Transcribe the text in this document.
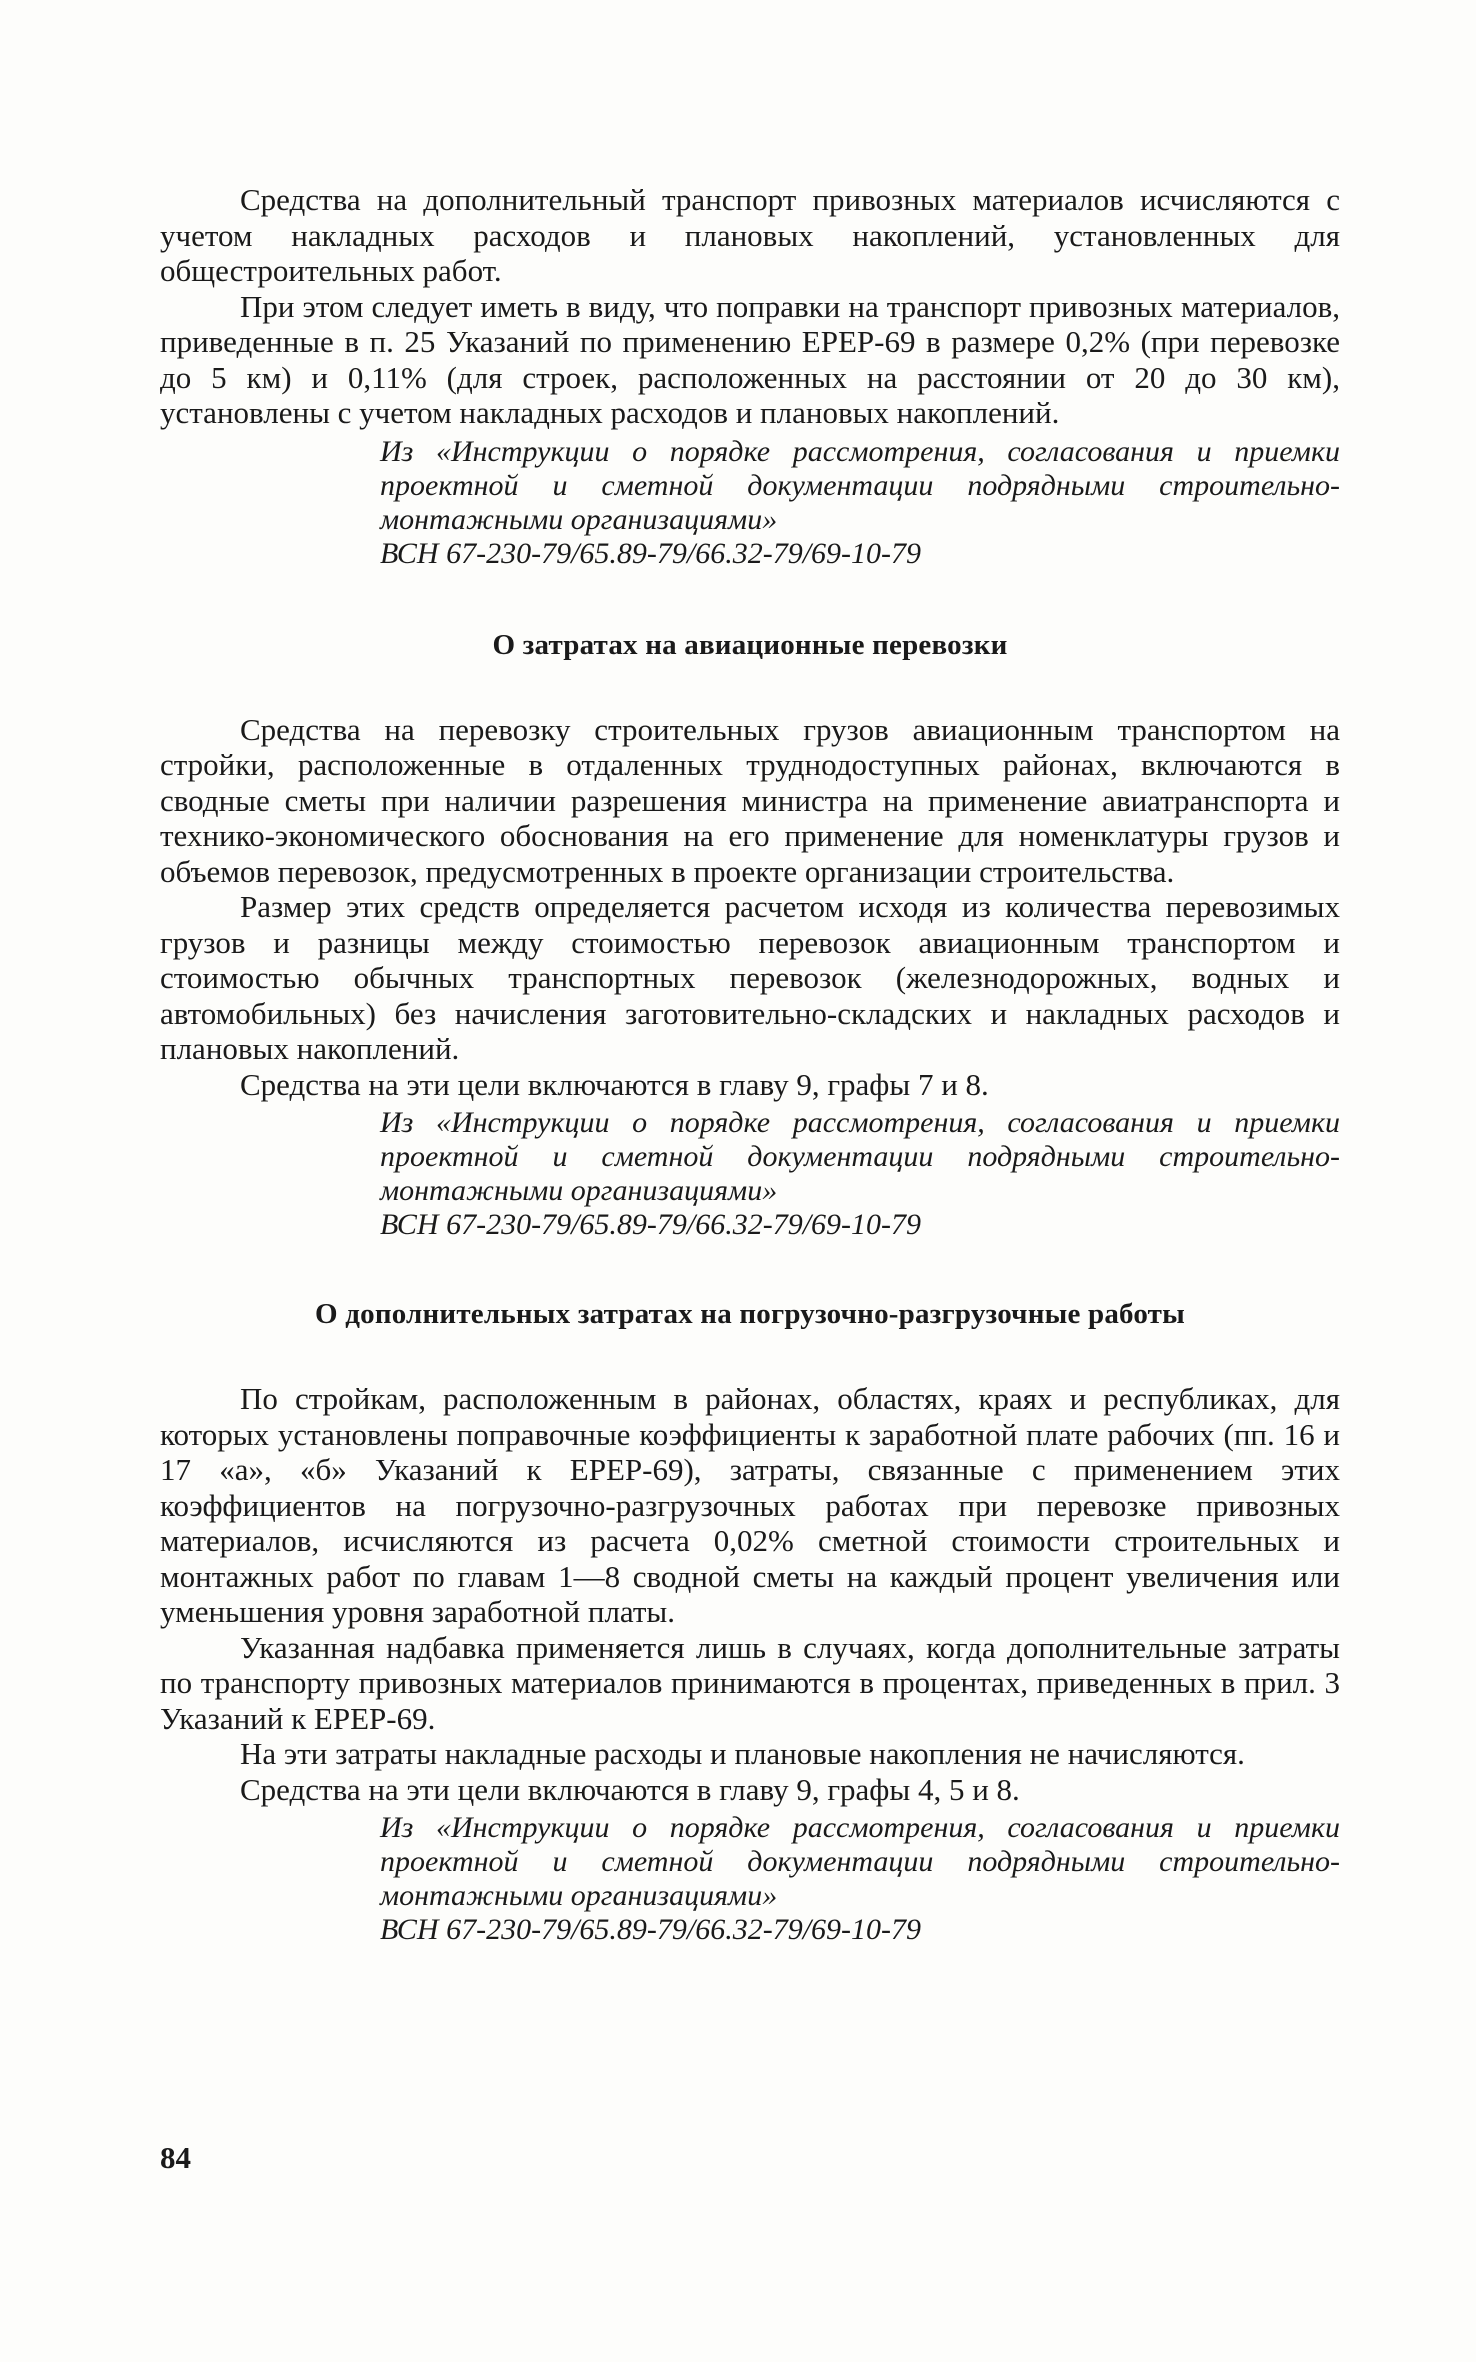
Средства на дополнительный транспорт привозных материалов исчисляются с учетом накладных расходов и плановых накоплений, установленных для общестроительных работ.

При этом следует иметь в виду, что поправки на транспорт привозных материалов, приведенные в п. 25 Указаний по применению ЕРЕР-69 в размере 0,2% (при перевозке до 5 км) и 0,11% (для строек, расположенных на расстоянии от 20 до 30 км), установлены с учетом накладных расходов и плановых накоплений.

Из «Инструкции о порядке рассмотрения, согласования и приемки проектной и сметной документации подрядными строительно-монтажными организациями»
ВСН 67-230-79/65.89-79/66.32-79/69-10-79
О затратах на авиационные перевозки

Средства на перевозку строительных грузов авиационным транспортом на стройки, расположенные в отдаленных труднодоступных районах, включаются в сводные сметы при наличии разрешения министра на применение авиатранспорта и технико-экономического обоснования на его применение для номенклатуры грузов и объемов перевозок, предусмотренных в проекте организации строительства.

Размер этих средств определяется расчетом исходя из количества перевозимых грузов и разницы между стоимостью перевозок авиационным транспортом и стоимостью обычных транспортных перевозок (железнодорожных, водных и автомобильных) без начисления заготовительно-складских и накладных расходов и плановых накоплений.

Средства на эти цели включаются в главу 9, графы 7 и 8.

Из «Инструкции о порядке рассмотрения, согласования и приемки проектной и сметной документации подрядными строительно-монтажными организациями»
ВСН 67-230-79/65.89-79/66.32-79/69-10-79
О дополнительных затратах на погрузочно-разгрузочные работы

По стройкам, расположенным в районах, областях, краях и республиках, для которых установлены поправочные коэффициенты к заработной плате рабочих (пп. 16 и 17 «а», «б» Указаний к ЕРЕР-69), затраты, связанные с применением этих коэффициентов на погрузочно-разгрузочных работах при перевозке привозных материалов, исчисляются из расчета 0,02% сметной стоимости строительных и монтажных работ по главам 1—8 сводной сметы на каждый процент увеличения или уменьшения уровня заработной платы.

Указанная надбавка применяется лишь в случаях, когда дополнительные затраты по транспорту привозных материалов принимаются в процентах, приведенных в прил. 3 Указаний к ЕРЕР-69.

На эти затраты накладные расходы и плановые накопления не начисляются.

Средства на эти цели включаются в главу 9, графы 4, 5 и 8.

Из «Инструкции о порядке рассмотрения, согласования и приемки проектной и сметной документации подрядными строительно-монтажными организациями»
ВСН 67-230-79/65.89-79/66.32-79/69-10-79
84
